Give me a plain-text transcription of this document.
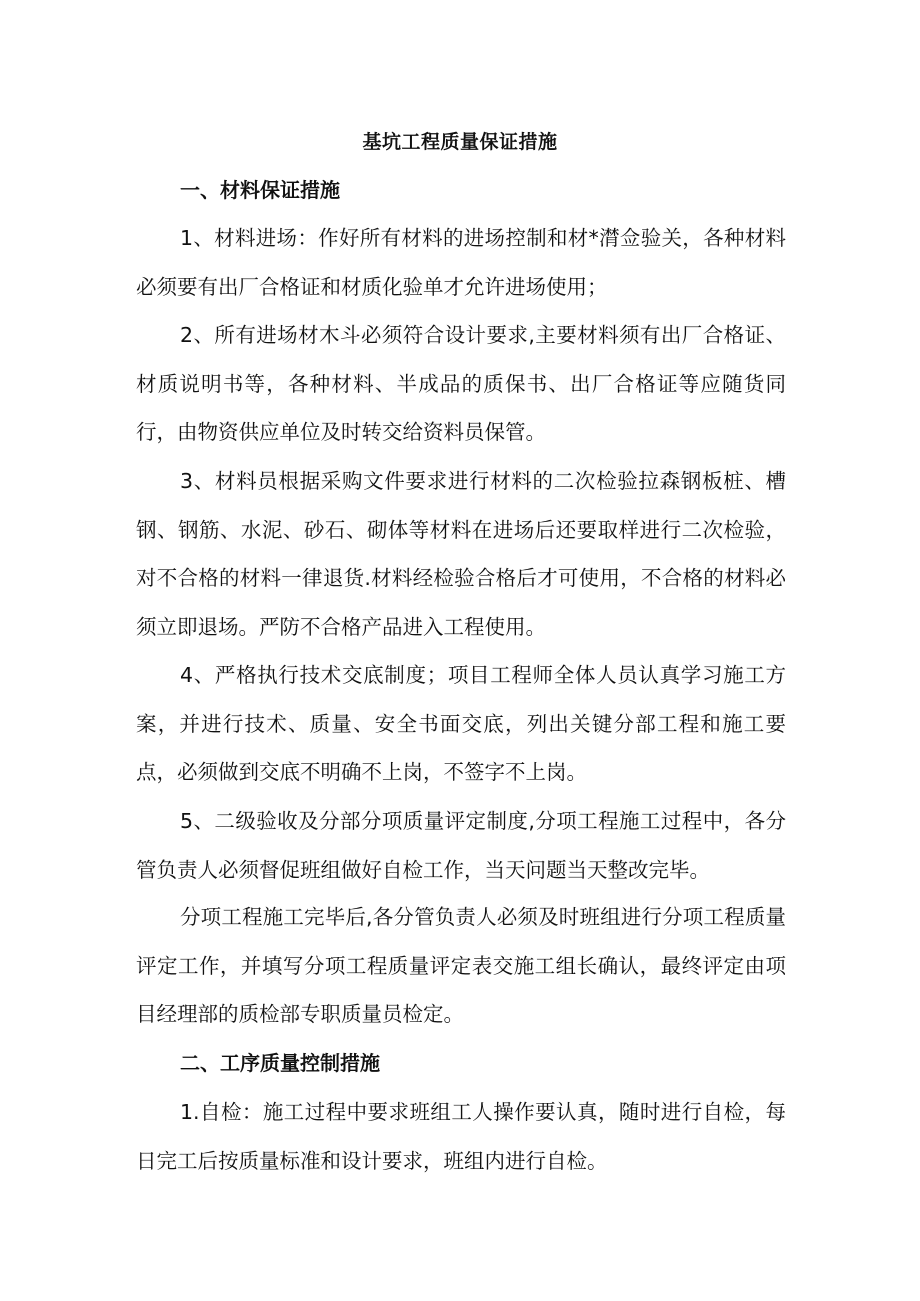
基坑工程质量保证措施
一、材料保证措施

1、材料进场：作好所有材料的进场控制和材*潸佥验关，各种材料必须要有出厂合格证和材质化验单才允许进场使用；

2、所有进场材木斗必须符合设计要求,主要材料须有出厂合格证、材质说明书等，各种材料、半成品的质保书、出厂合格证等应随货同行，由物资供应单位及时转交给资料员保管。

3、材料员根据采购文件要求进行材料的二次检验拉森钢板桩、槽钢、钢筋、水泥、砂石、砌体等材料在进场后还要取样进行二次检验，对不合格的材料一律退货.材料经检验合格后才可使用，不合格的材料必须立即退场。严防不合格产品进入工程使用。

4、严格执行技术交底制度；项目工程师全体人员认真学习施工方案，并进行技术、质量、安全书面交底，列出关键分部工程和施工要点，必须做到交底不明确不上岗，不签字不上岗。

5、二级验收及分部分项质量评定制度,分项工程施工过程中，各分管负责人必须督促班组做好自检工作，当天问题当天整改完毕。

分项工程施工完毕后,各分管负责人必须及时班组进行分项工程质量评定工作，并填写分项工程质量评定表交施工组长确认，最终评定由项目经理部的质检部专职质量员检定。

二、工序质量控制措施

1.自检：施工过程中要求班组工人操作要认真，随时进行自检，每日完工后按质量标准和设计要求，班组内进行自检。
